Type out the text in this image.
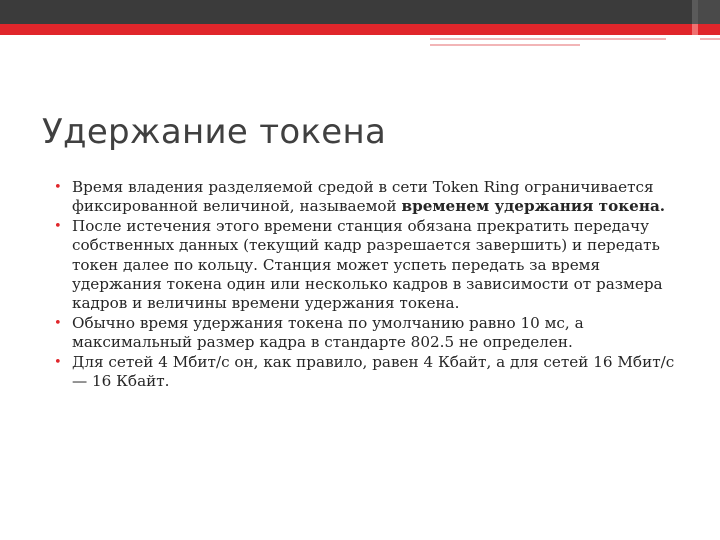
Удержание токена
• Время владения разделяемой средой в сети Token Ring ограничивается фиксированной величиной, называемой временем удержания токена.
• После истечения этого времени станция обязана прекратить передачу собственных данных (текущий кадр разрешается завершить) и передать токен далее по кольцу. Станция может успеть передать за время удержания токена один или несколько кадров в зависимости от размера кадров и величины времени удержания токена.
• Обычно время удержания токена по умолчанию равно 10 мс, а максимальный размер кадра в стандарте 802.5 не определен.
• Для сетей 4 Мбит/с он, как правило, равен 4 Кбайт, а для сетей 16 Мбит/с — 16 Кбайт.
